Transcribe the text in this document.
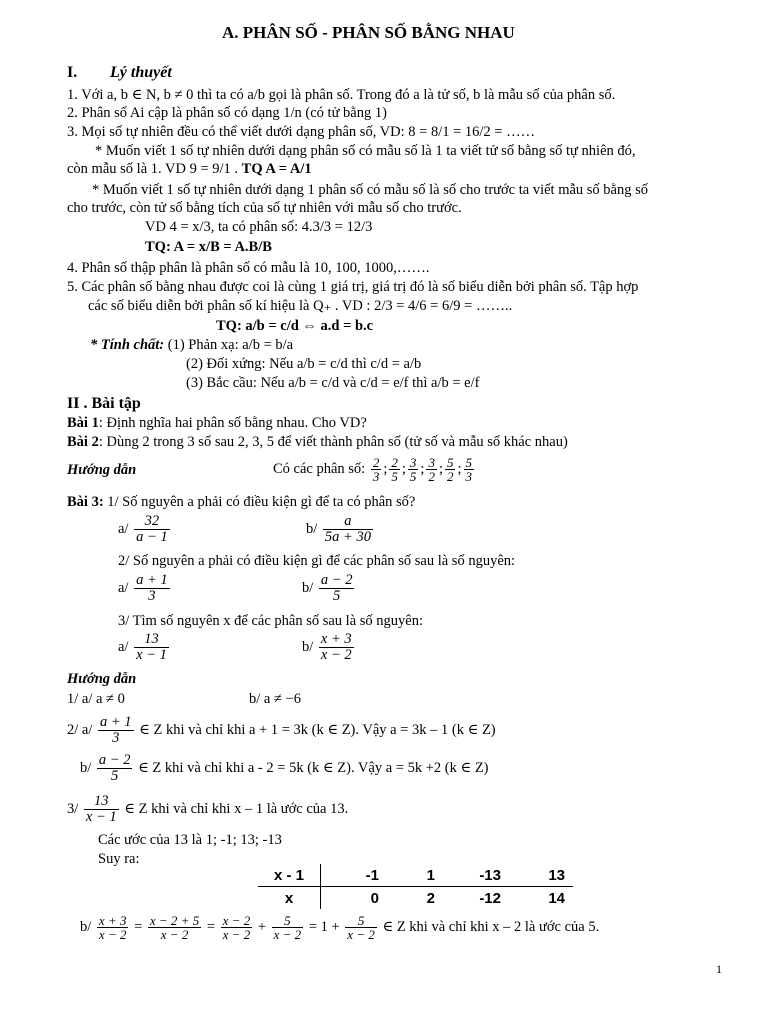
A. PHÂN SỐ - PHÂN SỐ BẰNG NHAU
I. Lý thuyết
1. Với a, b ∈ N, b ≠ 0 thì ta có a/b gọi là phân số. Trong đó a là tử số, b là mẫu số của phân số.
2. Phân số Ai cập là phân số có dạng 1/n (có tử bằng 1)
3. Mọi số tự nhiên đều có thể viết dưới dạng phân số, VD: 8 = 8/1 = 16/2 = ……
* Muốn viết 1 số tự nhiên dưới dạng phân số có mẫu số là 1 ta viết tử số bằng số tự nhiên đó,
còn mẫu số là 1. VD 9 = 9/1 . TQ A = A/1
* Muốn viết 1 số tự nhiên dưới dạng 1 phân số có mẫu số là số cho trước ta viết mẫu số bằng số
cho trước, còn tử số bằng tích của số tự nhiên với mẫu số cho trước.
VD 4 = x/3, ta có phân số: 4.3/3 = 12/3
TQ: A = x/B = A.B/B
4. Phân số thập phân là phân số có mẫu là 10, 100, 1000,…….
5. Các phân số bằng nhau được coi là cùng 1 giá trị, giá trị đó là số biểu diễn bởi phân số. Tập hợp
các số biểu diễn bởi phân số kí hiệu là Q₊ . VD : 2/3 = 4/6 = 6/9 = ……..
TQ: a/b = c/d ⇔ a.d = b.c
* Tính chất: (1) Phản xạ: a/b = b/a
(2) Đối xứng: Nếu a/b = c/d thì c/d = a/b
(3) Bắc cầu: Nếu a/b = c/d và c/d = e/f thì a/b = e/f
II . Bài tập
Bài 1: Định nghĩa hai phân số bằng nhau. Cho VD?
Bài 2: Dùng 2 trong 3 số sau 2, 3, 5 để viết thành phân số (tử số và mẫu số khác nhau)
Hướng dẫn	Có các phân số: $\frac{2}{3}$ ; $\frac{2}{5}$ ; $\frac{3}{5}$ ; $\frac{3}{2}$ ; $\frac{5}{2}$ ; $\frac{5}{3}$
Bài 3: 1/ Số nguyên a phải có điều kiện gì để ta có phân số?
$a/ \frac{32}{a - 1}$	$b/ \frac{a}{5a + 30}$
2/ Số nguyên a phải có điều kiện gì để các phân số sau là số nguyên:
$a/ \frac{a + 1}{3}$	$b/ \frac{a - 2}{5}$
3/ Tìm số nguyên x để các phân số sau là số nguyên:
$a/ \frac{13}{x - 1}$	$b/ \frac{x + 3}{x - 2}$
Hướng dẫn
1/ a/ a ≠ 0	b/ a ≠ −6
2/ $a/ \frac{a + 1}{3}$ ∈ Z khi và chỉ khi a + 1 = 3k (k ∈ Z). Vậy a = 3k – 1 (k ∈ Z)
$b/ \frac{a - 2}{5}$ ∈ Z khi và chỉ khi a - 2 = 5k (k ∈ Z). Vậy a = 5k +2 (k ∈ Z)
$3/ \frac{13}{x - 1}$ ∈ Z khi và chỉ khi x – 1 là ước của 13.
Các ước của 13 là 1; -1; 13; -13
Suy ra:
x - 1	-1	1	-13	13
x	0	2	-12	14
$b/ \frac{x + 3}{x - 2} = \frac{x - 2 + 5}{x - 2} = \frac{x - 2}{x - 2} + \frac{5}{x - 2} = 1 + \frac{5}{x - 2}$ ∈ Z khi và chỉ khi x – 2 là ước của 5.
1
